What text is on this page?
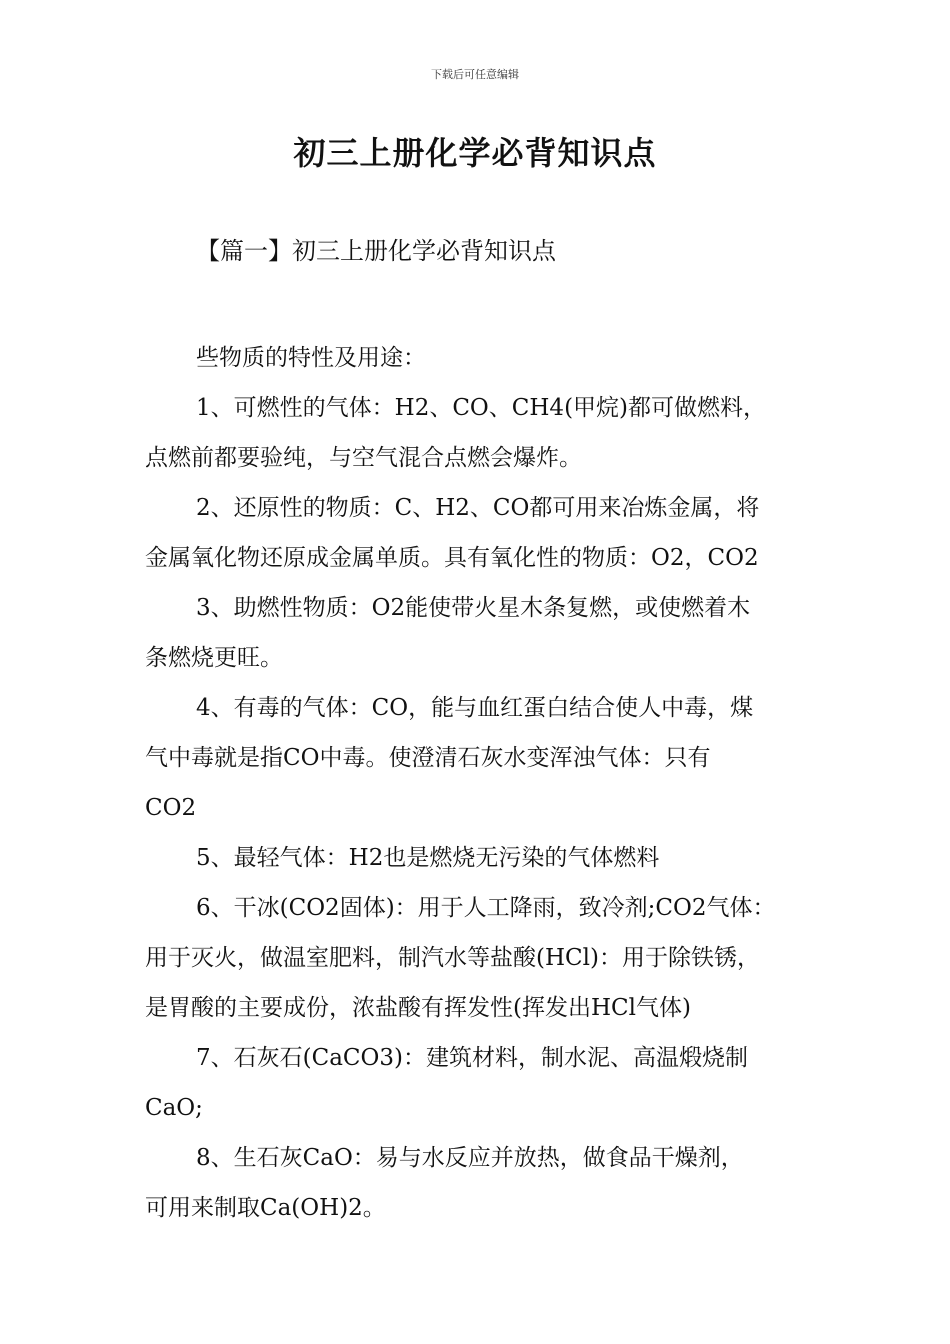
下载后可任意编辑
初三上册化学必背知识点
【篇一】初三上册化学必背知识点

些物质的特性及用途：

1、可燃性的气体：H2、CO、CH4(甲烷)都可做燃料，
点燃前都要验纯，与空气混合点燃会爆炸。

2、还原性的物质：C、H2、CO都可用来冶炼金属，将
金属氧化物还原成金属单质。具有氧化性的物质：O2，CO2

3、助燃性物质：O2能使带火星木条复燃，或使燃着木
条燃烧更旺。

4、有毒的气体：CO，能与血红蛋白结合使人中毒，煤
气中毒就是指CO中毒。使澄清石灰水变浑浊气体：只有
CO2

5、最轻气体：H2也是燃烧无污染的气体燃料

6、干冰(CO2固体)：用于人工降雨，致冷剂;CO2气体：
用于灭火，做温室肥料，制汽水等盐酸(HCl)：用于除铁锈，
是胃酸的主要成份，浓盐酸有挥发性(挥发出HCl气体)

7、石灰石(CaCO3)：建筑材料，制水泥、高温煅烧制
CaO;

8、生石灰CaO：易与水反应并放热，做食品干燥剂，
可用来制取Ca(OH)2。
